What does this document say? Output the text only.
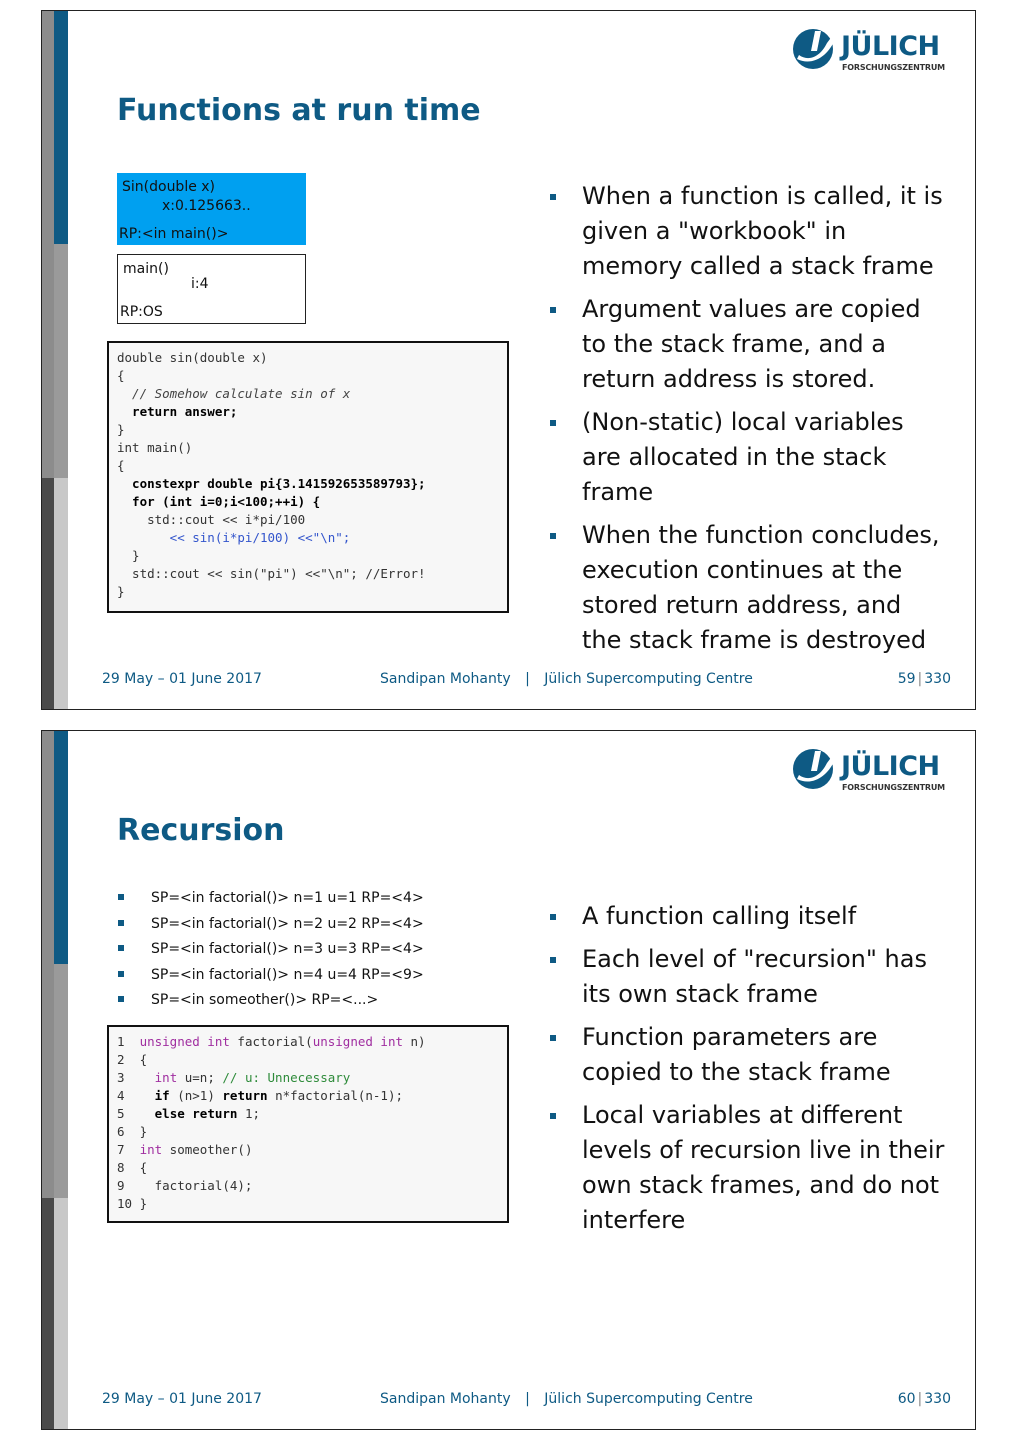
JÜLICH
FORSCHUNGSZENTRUM
Functions at run time
Sin(double x)
x:0.125663..
RP:<in main()>
main()
i:4
RP:OS
double sin(double x)
{
// Somehow calculate sin of x
return answer;
}
int main()
{
constexpr double pi{3.141592653589793};
for (int i=0;i<100;++i) {
std::cout << i*pi/100
<< sin(i*pi/100) <<"\n";
}
std::cout << sin("pi") <<"\n"; //Error!
}
When a function is called, it is given a "workbook" in memory called a stack frame
Argument values are copied to the stack frame, and a return address is stored.
(Non-static) local variables are allocated in the stack frame
When the function concludes, execution continues at the stored return address, and the stack frame is destroyed
29 May – 01 June 2017	Sandipan Mohanty | Jülich Supercomputing Centre	59 | 330
JÜLICH
FORSCHUNGSZENTRUM
Recursion
SP=<in factorial()> n=1 u=1 RP=<4>
SP=<in factorial()> n=2 u=2 RP=<4>
SP=<in factorial()> n=3 u=3 RP=<4>
SP=<in factorial()> n=4 u=4 RP=<9>
SP=<in someother()> RP=<...>
1  unsigned int factorial(unsigned int n)
2  {
3    int u=n; // u: Unnecessary
4    if (n>1) return n*factorial(n-1);
5    else return 1;
6  }
7  int someother()
8  {
9    factorial(4);
10 }
A function calling itself
Each level of "recursion" has its own stack frame
Function parameters are copied to the stack frame
Local variables at different levels of recursion live in their own stack frames, and do not interfere
29 May – 01 June 2017	Sandipan Mohanty | Jülich Supercomputing Centre	60 | 330
